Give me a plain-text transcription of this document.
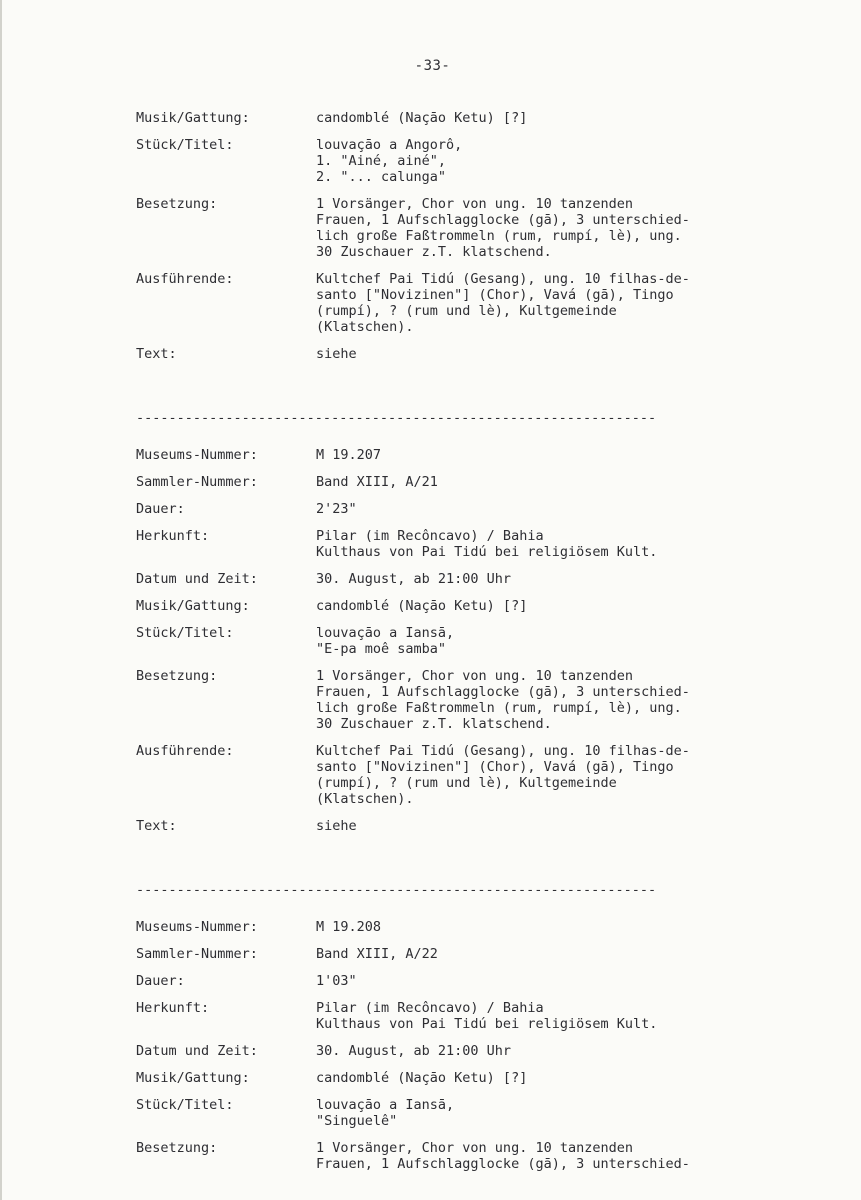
-33-
Musik/Gattung:	candomblé (Naçāo Ketu) [?]
Stück/Titel:	louvaçāo a Angorô,
1. "Ainé, ainé",
2. "... calunga"
Besetzung:	1 Vorsänger, Chor von ung. 10 tanzenden
Frauen, 1 Aufschlagglocke (gā), 3 unterschied-
lich große Faßtrommeln (rum, rumpí, lè), ung.
30 Zuschauer z.T. klatschend.
Ausführende:	Kultchef Pai Tidú (Gesang), ung. 10 filhas-de-
santo ["Novizinen"] (Chor), Vavá (gā), Tingo
(rumpí), ? (rum und lè), Kultgemeinde
(Klatschen).
Text:	siehe
----------------------------------------------------------------
Museums-Nummer:	M 19.207
Sammler-Nummer:	Band XIII, A/21
Dauer:	2'23"
Herkunft:	Pilar (im Recôncavo) / Bahia
Kulthaus von Pai Tidú bei religiösem Kult.
Datum und Zeit:	30. August, ab 21:00 Uhr
Musik/Gattung:	candomblé (Naçāo Ketu) [?]
Stück/Titel:	louvaçāo a Iansā,
"E-pa moê samba"
Besetzung:	1 Vorsänger, Chor von ung. 10 tanzenden
Frauen, 1 Aufschlagglocke (gā), 3 unterschied-
lich große Faßtrommeln (rum, rumpí, lè), ung.
30 Zuschauer z.T. klatschend.
Ausführende:	Kultchef Pai Tidú (Gesang), ung. 10 filhas-de-
santo ["Novizinen"] (Chor), Vavá (gā), Tingo
(rumpí), ? (rum und lè), Kultgemeinde
(Klatschen).
Text:	siehe
----------------------------------------------------------------
Museums-Nummer:	M 19.208
Sammler-Nummer:	Band XIII, A/22
Dauer:	1'03"
Herkunft:	Pilar (im Recôncavo) / Bahia
Kulthaus von Pai Tidú bei religiösem Kult.
Datum und Zeit:	30. August, ab 21:00 Uhr
Musik/Gattung:	candomblé (Naçāo Ketu) [?]
Stück/Titel:	louvaçāo a Iansā,
"Singuelê"
Besetzung:	1 Vorsänger, Chor von ung. 10 tanzenden
Frauen, 1 Aufschlagglocke (gā), 3 unterschied-
